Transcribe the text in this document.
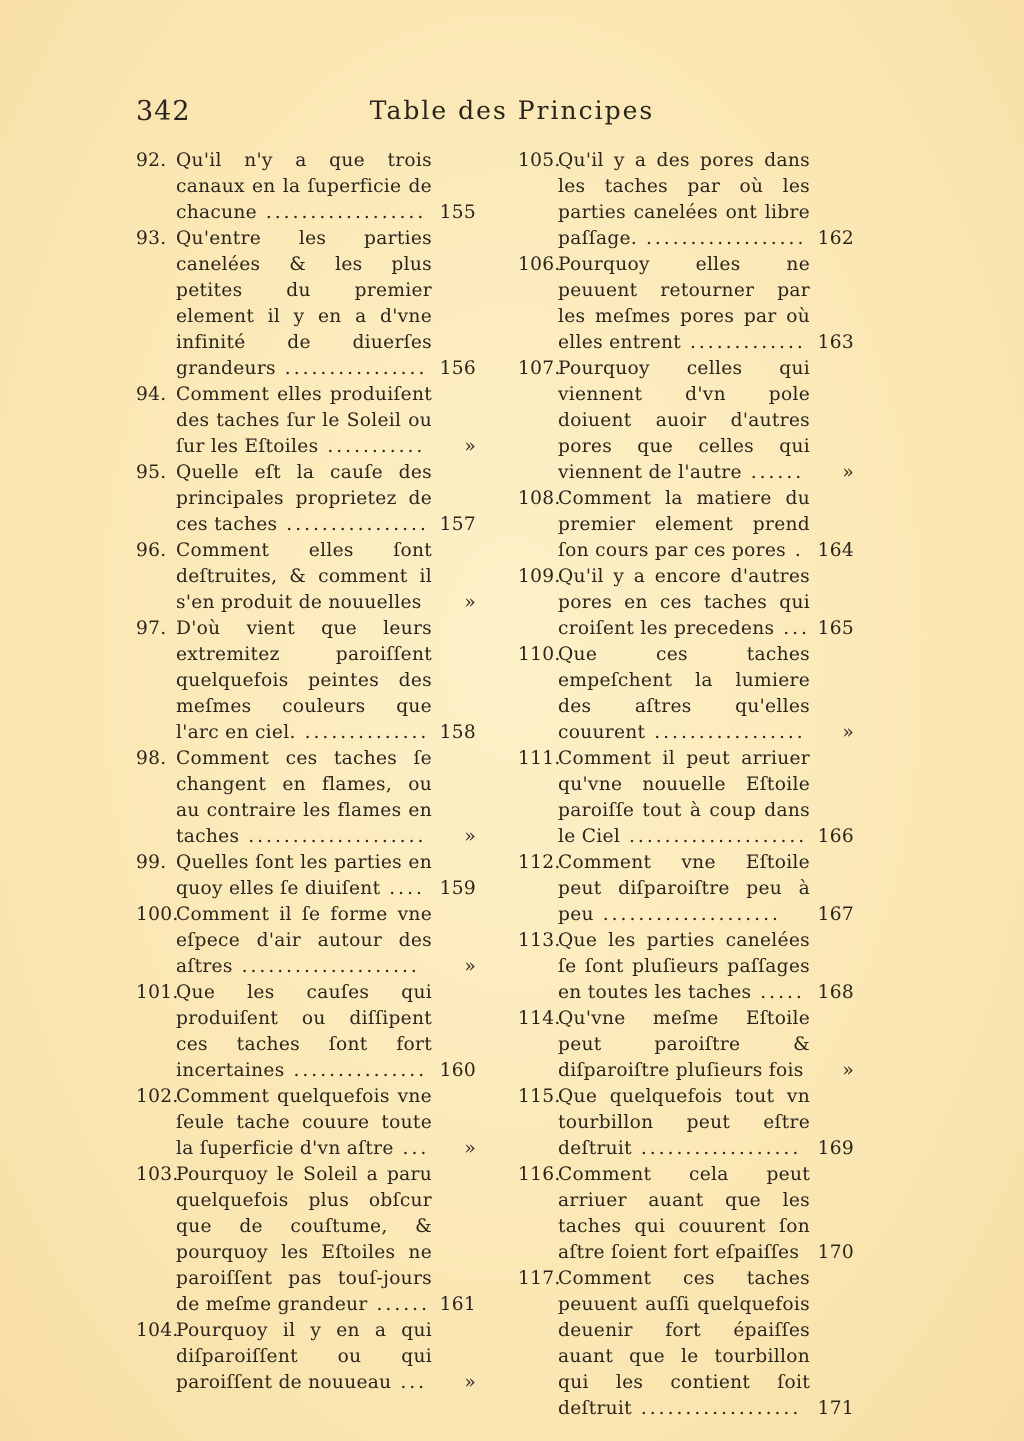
342	Table des Principes
92. Qu'il n'y a que trois canaux en la ſuperficie de chacune .................. 155
93. Qu'entre les parties canelées & les plus petites du premier element il y en a d'vne infinité de diuerſes grandeurs ................ 156
94. Comment elles produiſent des taches ſur le Soleil ou ſur les Eſtoiles ...........	»
95. Quelle eſt la cauſe des principales proprietez de ces taches ................ 157
96. Comment elles ſont deſtruites, & comment il s'en produit de nouuelles	»
97. D'où vient que leurs extremitez paroiſſent quelquefois peintes des meſmes couleurs que l'arc en ciel. .............. 158
98. Comment ces taches ſe changent en flames, ou au contraire les flames en taches ....................	»
99. Quelles ſont les parties en quoy elles ſe diuiſent .... 159
100.
Comment il ſe forme vne eſpece d'air autour des aſtres ....................	»
101.
Que les cauſes qui produiſent ou diſſipent ces taches ſont fort incertaines ............... 160
102.
Comment quelquefois vne ſeule tache couure toute la ſuperficie d'vn aſtre ...	»
103.
Pourquoy le Soleil a paru quelquefois plus obſcur que de couſtume, & pourquoy les Eſtoiles ne paroiſſent pas touſ-jours de meſme grandeur ...... 161
104.
Pourquoy il y en a qui diſparoiſſent ou qui paroiſſent de nouueau ...	»
105.
Qu'il y a des pores dans les taches par où les parties canelées ont libre paſſage. .................. 162
106.
Pourquoy elles ne peuuent retourner par les meſmes pores par où elles entrent ............. 163
107.
Pourquoy celles qui viennent d'vn pole doiuent auoir d'autres pores que celles qui viennent de l'autre ......	»
108.
Comment la matiere du premier element prend ſon cours par ces pores . 164
109.
Qu'il y a encore d'autres pores en ces taches qui croiſent les precedens ... 165
110.
Que ces taches empeſchent la lumiere des aſtres qu'elles couurent .................	»
111.
Comment il peut arriuer qu'vne nouuelle Eſtoile paroiſſe tout à coup dans le Ciel .................... 166
112.
Comment vne Eſtoile peut diſparoiſtre peu à peu ....................	167
113.
Que les parties canelées ſe ſont pluſieurs paſſages en toutes les taches ..... 168
114.
Qu'vne meſme Eſtoile peut paroiſtre & diſparoiſtre pluſieurs fois	»
115.
Que quelquefois tout vn tourbillon peut eſtre deſtruit .................. 169
116.
Comment cela peut arriuer auant que les taches qui couurent ſon aſtre ſoient fort eſpaiſſes 170
117.
Comment ces taches peuuent auſſi quelquefois deuenir fort épaiſſes auant que le tourbillon qui les contient ſoit deſtruit .................. 171
